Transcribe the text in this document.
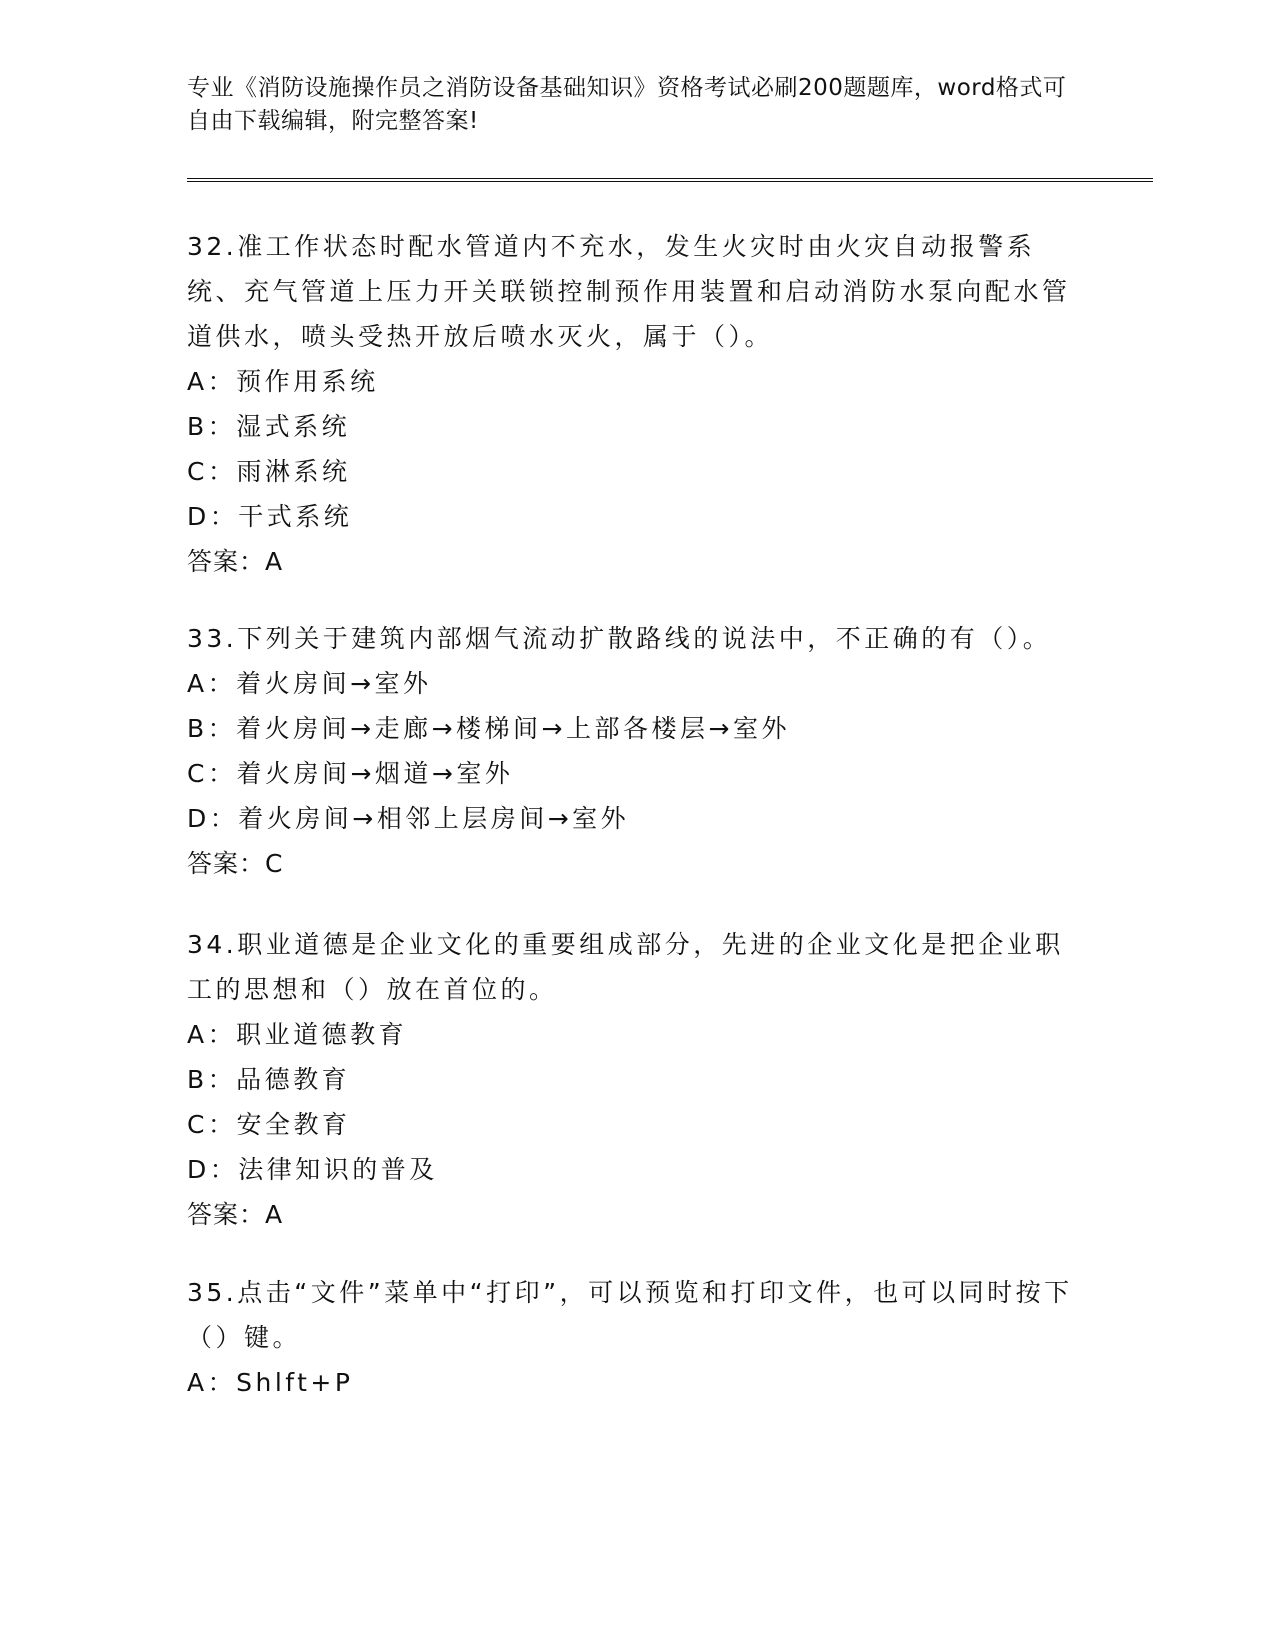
专业《消防设施操作员之消防设备基础知识》资格考试必刷200题题库，word格式可自由下载编辑，附完整答案!

32.准工作状态时配水管道内不充水，发生火灾时由火灾自动报警系统、充气管道上压力开关联锁控制预作用装置和启动消防水泵向配水管道供水，喷头受热开放后喷水灭火，属于（）。

A：预作用系统
B：湿式系统
C：雨淋系统
D：干式系统
答案：A

33.下列关于建筑内部烟气流动扩散路线的说法中，不正确的有（）。

A：着火房间→室外
B：着火房间→走廊→楼梯间→上部各楼层→室外
C：着火房间→烟道→室外
D：着火房间→相邻上层房间→室外
答案：C

34.职业道德是企业文化的重要组成部分，先进的企业文化是把企业职工的思想和（）放在首位的。

A：职业道德教育
B：品德教育
C：安全教育
D：法律知识的普及
答案：A

35.点击“文件”菜单中“打印”，可以预览和打印文件，也可以同时按下（）键。

A：Shlft+P
